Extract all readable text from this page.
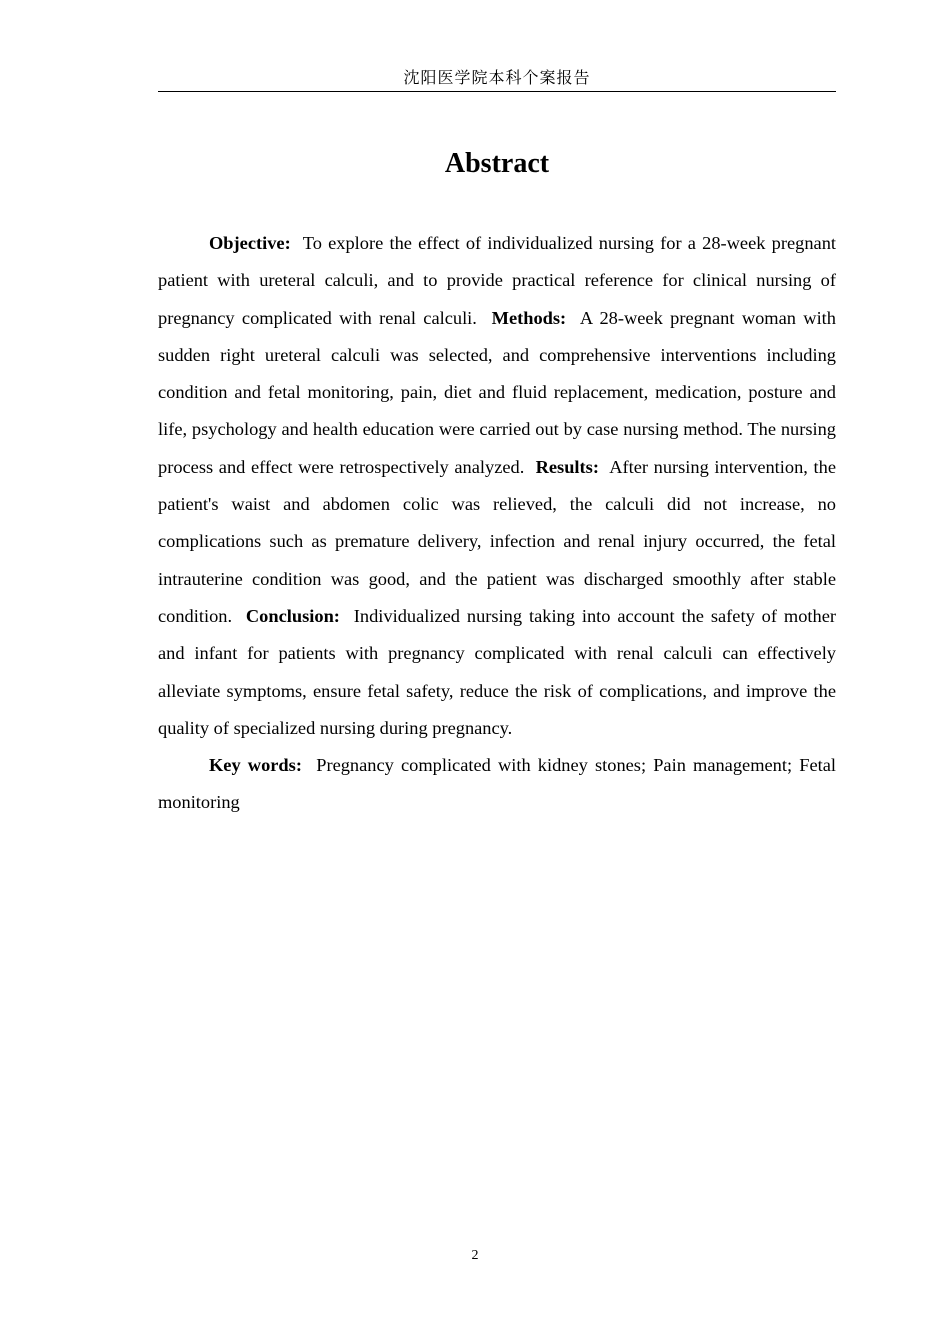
沈阳医学院本科个案报告
Abstract

Objective: To explore the effect of individualized nursing for a 28-week pregnant patient with ureteral calculi, and to provide practical reference for clinical nursing of pregnancy complicated with renal calculi. Methods: A 28-week pregnant woman with sudden right ureteral calculi was selected, and comprehensive interventions including condition and fetal monitoring, pain, diet and fluid replacement, medication, posture and life, psychology and health education were carried out by case nursing method. The nursing process and effect were retrospectively analyzed. Results: After nursing intervention, the patient's waist and abdomen colic was relieved, the calculi did not increase, no complications such as premature delivery, infection and renal injury occurred, the fetal intrauterine condition was good, and the patient was discharged smoothly after stable condition. Conclusion: Individualized nursing taking into account the safety of mother and infant for patients with pregnancy complicated with renal calculi can effectively alleviate symptoms, ensure fetal safety, reduce the risk of complications, and improve the quality of specialized nursing during pregnancy.

Key words: Pregnancy complicated with kidney stones; Pain management; Fetal monitoring

2
